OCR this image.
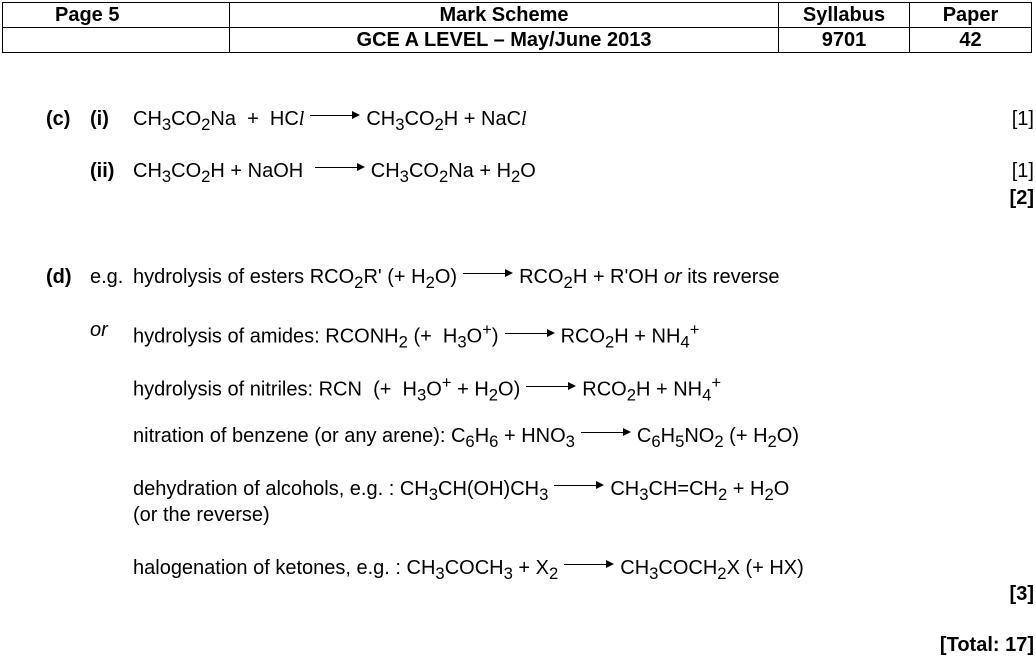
Page 5	Mark Scheme	Syllabus	Paper
	GCE A LEVEL – May/June 2013	9701	42
(c) (i) $CH_3CO_2Na$  +  HCl	$CH_3CO_2H$ + NaCl	[1]
(ii) $CH_3CO_2H$ + NaOH	$CH_3CO_2Na + H_2O$	[1]
[2]
(d) e.g. hydrolysis of esters $RCO_2R'$ (+ $H_2O$)	$RCO_2H + R'OH$ or its reverse
or hydrolysis of amides: $RCONH_2$ (+  $H_3O^+$)	$RCO_2H + NH_4^+$
hydrolysis of nitriles: RCN  (+  $H_3O^+ + H_2O$)	$RCO_2H + NH_4^+$
nitration of benzene (or any arene): $C_6H_6 + HNO_3$	$C_6H_5NO_2$ (+ $H_2O$)
dehydration of alcohols, e.g. : $CH_3CH(OH)CH_3$	$CH_3CH=CH_2 + H_2O$
(or the reverse)
halogenation of ketones, e.g. : $CH_3COCH_3 + X_2$	$CH_3COCH_2X$ (+ HX)
[3]
[Total: 17]
